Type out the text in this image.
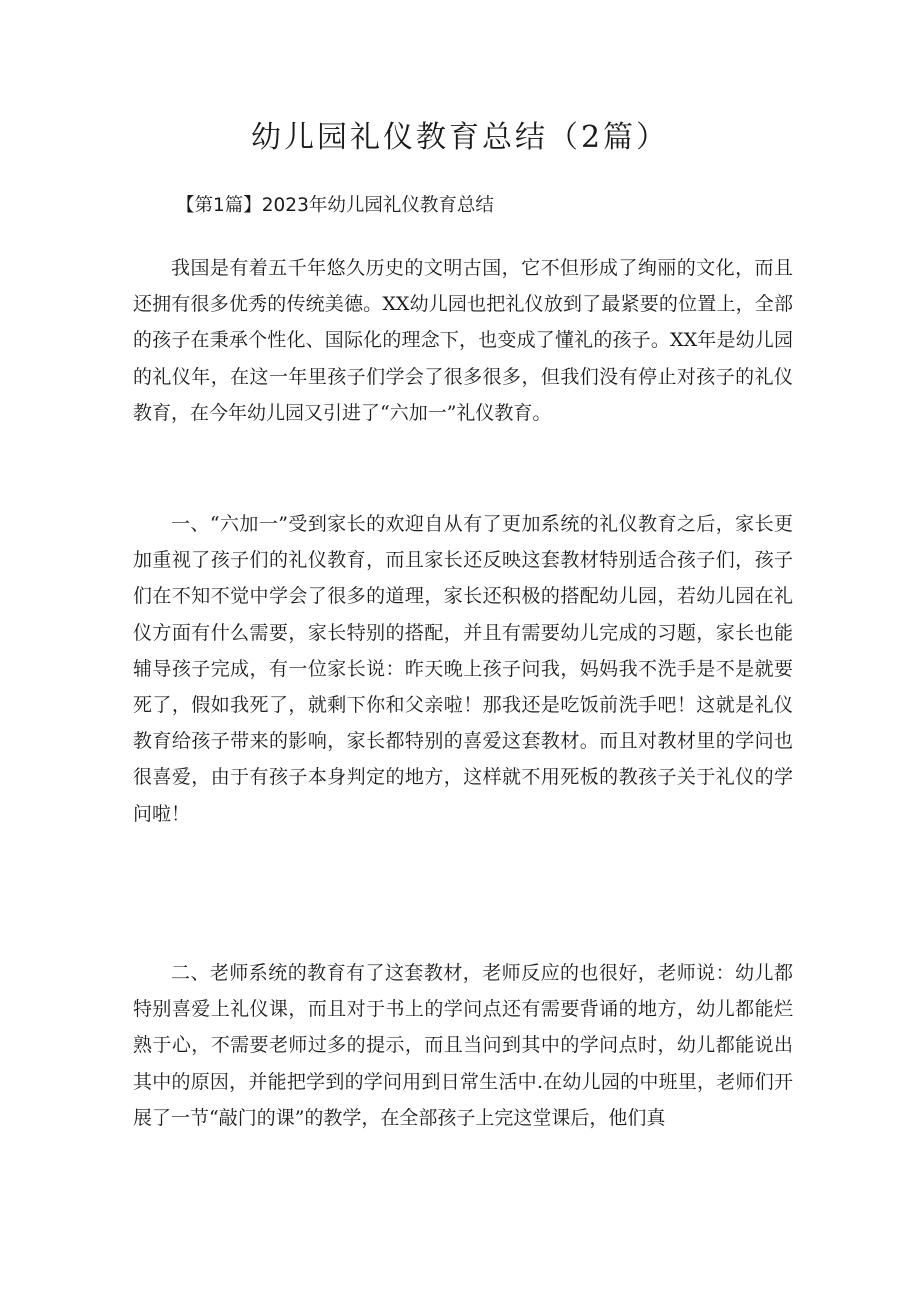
幼儿园礼仪教育总结（2篇）
【第1篇】2023年幼儿园礼仪教育总结

我国是有着五千年悠久历史的文明古国，它不但形成了绚丽的文化，而且还拥有很多优秀的传统美德。XX幼儿园也把礼仪放到了最紧要的位置上，全部的孩子在秉承个性化、国际化的理念下，也变成了懂礼的孩子。XX年是幼儿园的礼仪年，在这一年里孩子们学会了很多很多，但我们没有停止对孩子的礼仪教育，在今年幼儿园又引进了“六加一”礼仪教育。

一、“六加一”受到家长的欢迎自从有了更加系统的礼仪教育之后，家长更加重视了孩子们的礼仪教育，而且家长还反映这套教材特别适合孩子们，孩子们在不知不觉中学会了很多的道理，家长还积极的搭配幼儿园，若幼儿园在礼仪方面有什么需要，家长特别的搭配，并且有需要幼儿完成的习题，家长也能辅导孩子完成，有一位家长说：昨天晚上孩子问我，妈妈我不洗手是不是就要死了，假如我死了，就剩下你和父亲啦！那我还是吃饭前洗手吧！这就是礼仪教育给孩子带来的影响，家长都特别的喜爱这套教材。而且对教材里的学问也很喜爱，由于有孩子本身判定的地方，这样就不用死板的教孩子关于礼仪的学问啦！

二、老师系统的教育有了这套教材，老师反应的也很好，老师说：幼儿都特别喜爱上礼仪课，而且对于书上的学问点还有需要背诵的地方，幼儿都能烂熟于心，不需要老师过多的提示，而且当问到其中的学问点时，幼儿都能说出其中的原因，并能把学到的学问用到日常生活中.在幼儿园的中班里，老师们开展了一节“敲门的课”的教学，在全部孩子上完这堂课后，他们真
